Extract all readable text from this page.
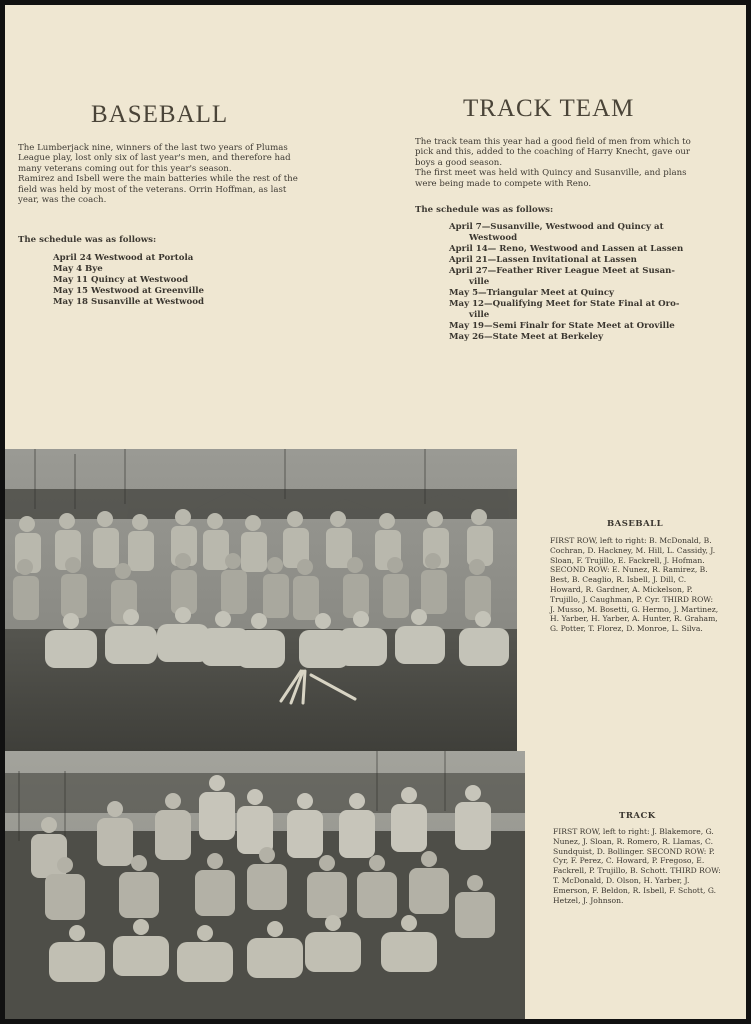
BASEBALL
The Lumberjack nine, winners of the last two years of Plumas League play, lost only six of last year's men, and therefore had many veterans coming out for this year's season.
Ramirez and Isbell were the main batteries while the rest of the field was held by most of the veterans. Orrin Hoffman, as last year, was the coach.

The schedule was as follows:

April 24 Westwood at Portola
May 4 Bye
May 11 Quincy at Westwood
May 15 Westwood at Greenville
May 18 Susanville at Westwood
TRACK TEAM
The track team this year had a good field of men from which to pick and this, added to the coaching of Harry Knecht, gave our boys a good season.
The first meet was held with Quincy and Susanville, and plans were being made to compete with Reno.

The schedule was as follows:

April 7—Susanville, Westwood and Quincy at
Westwood
April 14— Reno, Westwood and Lassen at Lassen
April 21—Lassen Invitational at Lassen
April 27—Feather River League Meet at Susan-
ville
May 5—Triangular Meet at Quincy
May 12—Qualifying Meet for State Final at Oro-
ville
May 19—Semi Finalr for State Meet at Oroville
May 26—State Meet at Berkeley

BASEBALL

FIRST ROW, left to right: B. McDonald, B. Cochran, D. Hackney, M. Hill, L. Cassidy, J. Sloan, F. Trujillo, E. Fackrell, J. Hofman. SECOND ROW: E. Nunez, R. Ramirez, B. Best, B. Ceaglio, R. Isbell, J. Dill, C. Howard, R. Gardner, A. Mickelson, P. Trujillo, J. Caughman, P. Cyr. THIRD ROW: J. Musso, M. Bosetti, G. Hermo, J. Martinez, H. Yarber, H. Yarber, A. Hunter, R. Graham, G. Potter, T. Florez, D. Monroe, L. Silva.

TRACK

FIRST ROW, left to right: J. Blakemore, G. Nunez, J. Sloan, R. Romero, R. Llamas, C. Sundquist, D. Bollinger. SECOND ROW: P. Cyr, F. Perez, C. Howard, P. Fregoso, E. Fackrell, P. Trujillo, B. Schott. THIRD ROW: T. McDonald, D. Olson, H. Yarber, J. Emerson, F. Beldon, R. Isbell, F. Schott, G. Hetzel, J. Johnson.
